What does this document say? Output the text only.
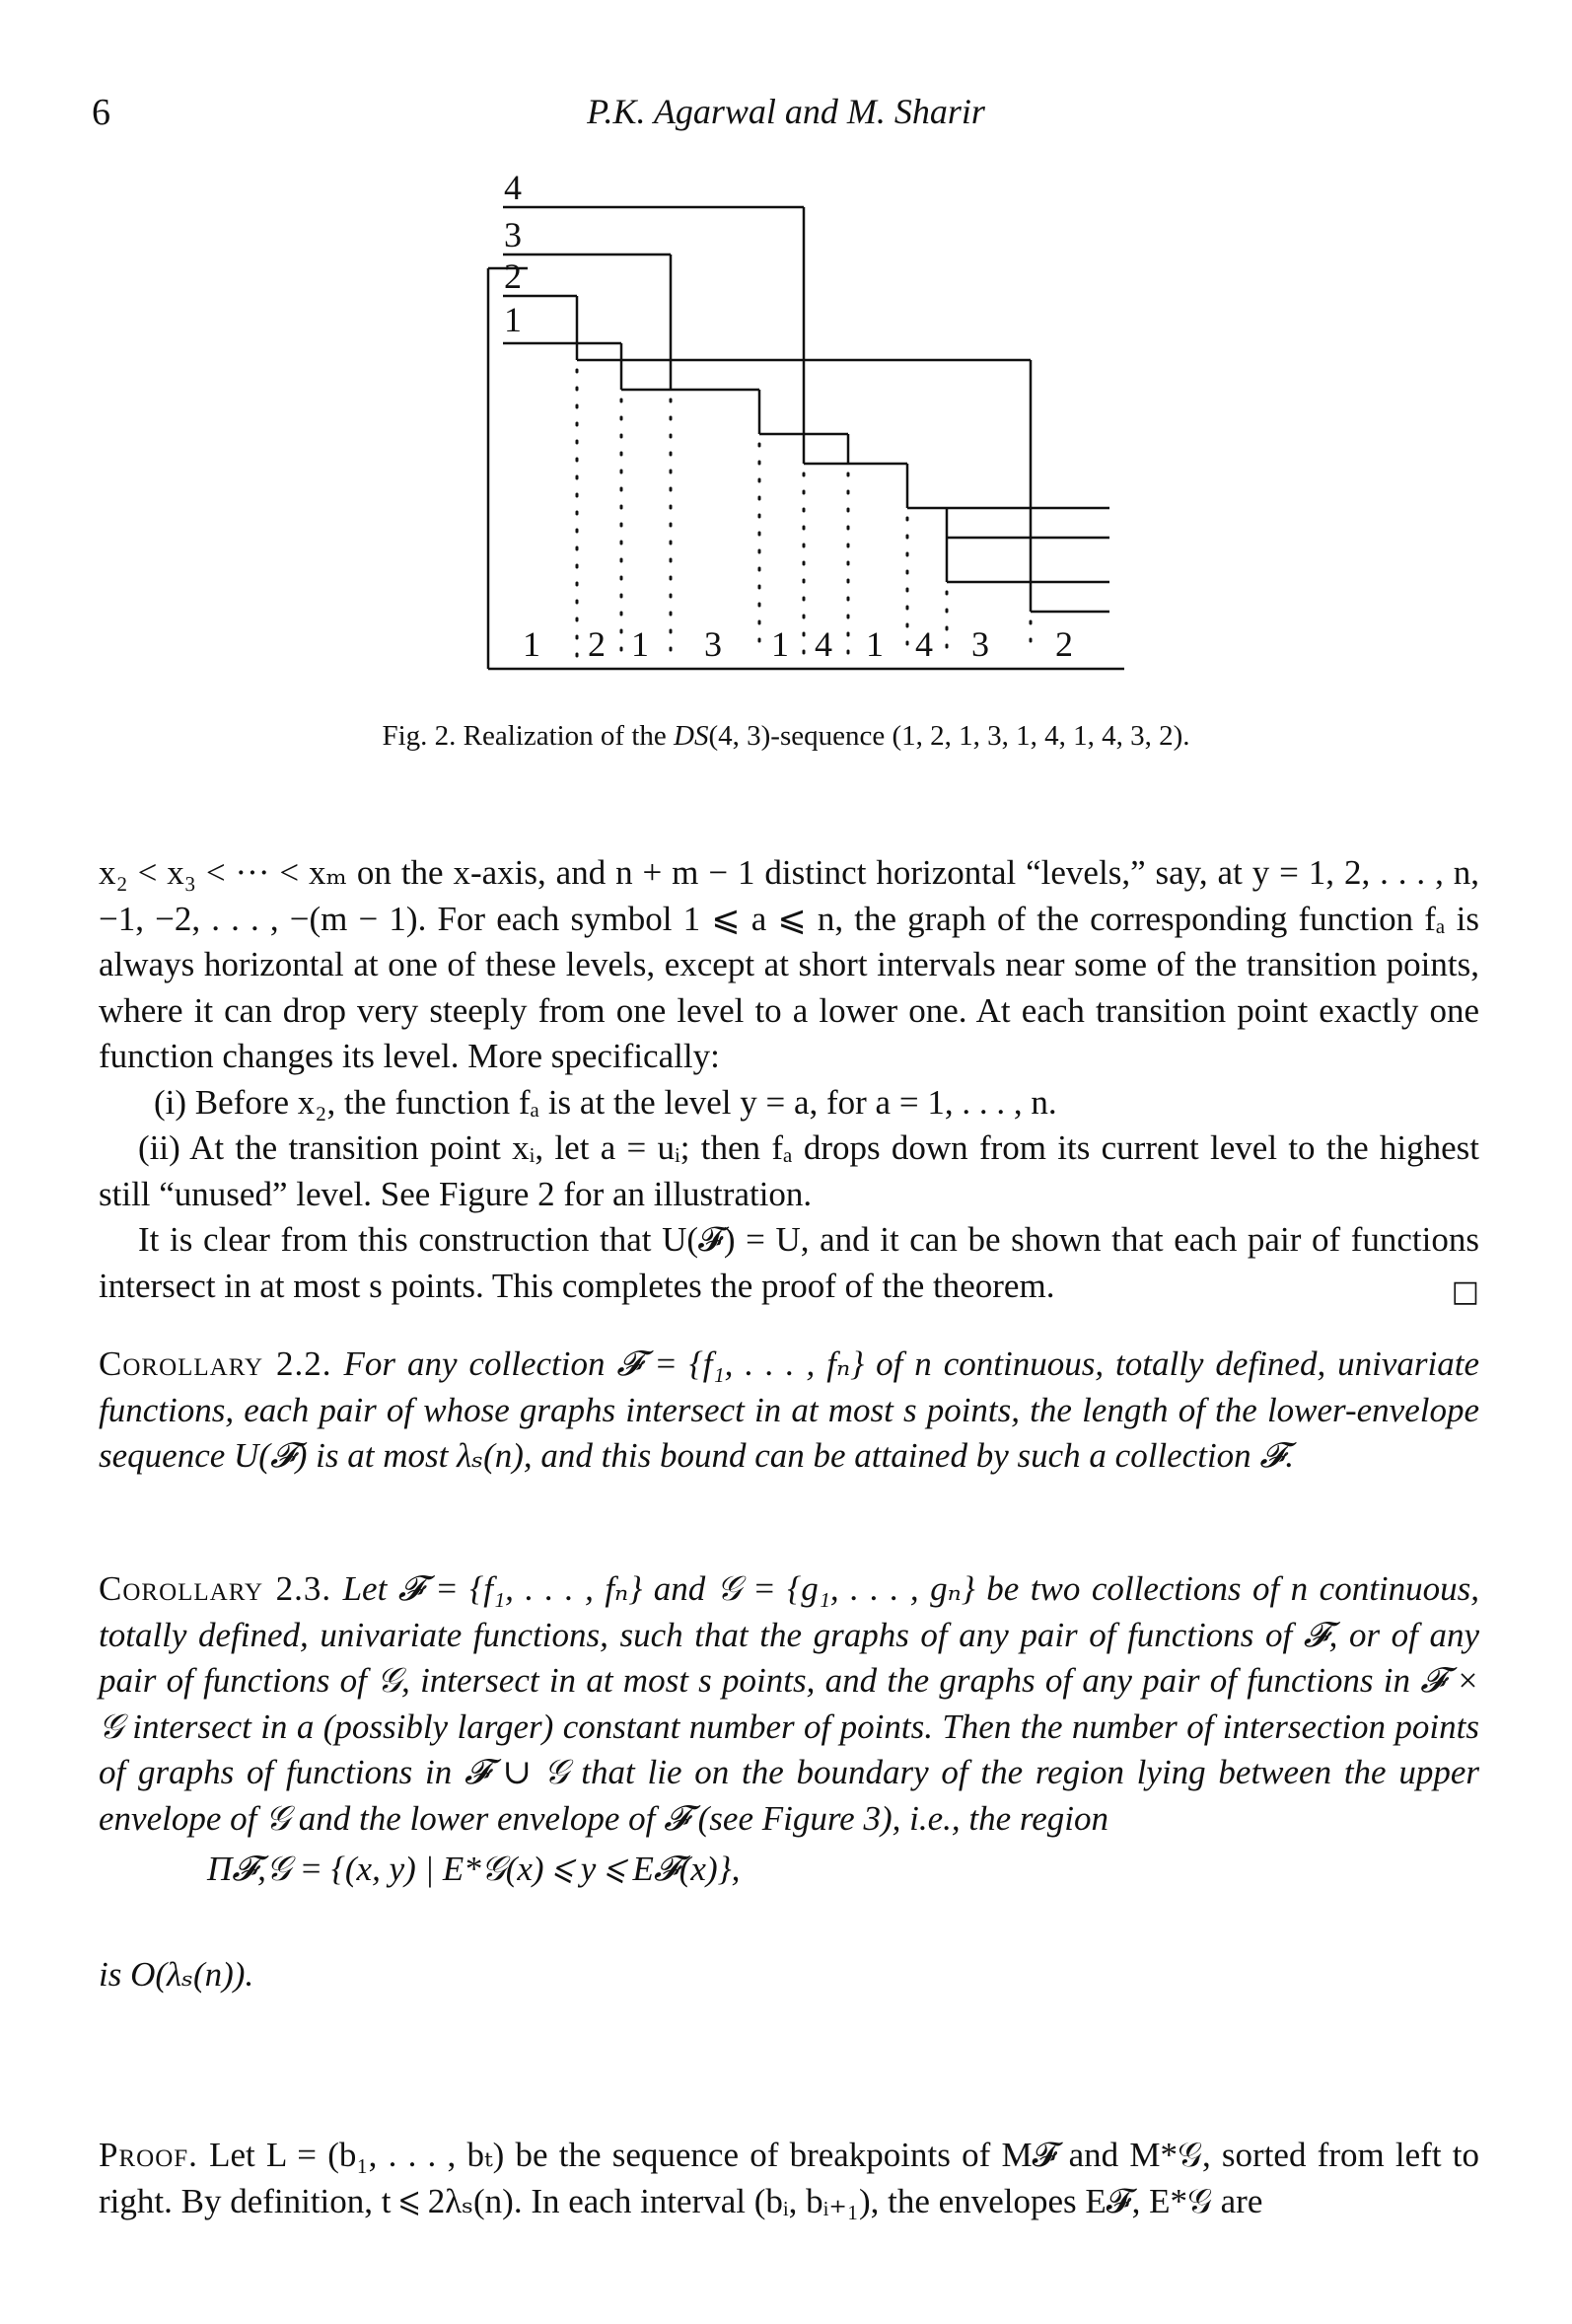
6	P.K. Agarwal and M. Sharir
4
3
2
1
1 2 1 3 1 4 1 4 3 2
Fig. 2. Realization of the DS(4, 3)-sequence (1, 2, 1, 3, 1, 4, 1, 4, 3, 2).
x₂ < x₃ < ··· < xₘ on the x-axis, and n + m − 1 distinct horizontal “levels,” say, at y = 1, 2, . . . , n, −1, −2, . . . , −(m − 1). For each symbol 1 ⩽ a ⩽ n, the graph of the corresponding function fₐ is always horizontal at one of these levels, except at short intervals near some of the transition points, where it can drop very steeply from one level to a lower one. At each transition point exactly one function changes its level. More specifically:
(i) Before x₂, the function fₐ is at the level y = a, for a = 1, . . . , n.
(ii) At the transition point xᵢ, let a = uᵢ; then fₐ drops down from its current level to the highest still “unused” level. See Figure 2 for an illustration.
It is clear from this construction that U(𝓕) = U, and it can be shown that each pair of functions intersect in at most s points. This completes the proof of the theorem.	□
Corollary 2.2. For any collection 𝓕 = {f₁, . . . , fₙ} of n continuous, totally defined, univariate functions, each pair of whose graphs intersect in at most s points, the length of the lower-envelope sequence U(𝓕) is at most λₛ(n), and this bound can be attained by such a collection 𝓕.
Corollary 2.3. Let 𝓕 = {f₁, . . . , fₙ} and 𝒢 = {g₁, . . . , gₙ} be two collections of n continuous, totally defined, univariate functions, such that the graphs of any pair of functions of 𝓕, or of any pair of functions of 𝒢, intersect in at most s points, and the graphs of any pair of functions in 𝓕 × 𝒢 intersect in a (possibly larger) constant number of points. Then the number of intersection points of graphs of functions in 𝓕 ∪ 𝒢 that lie on the boundary of the region lying between the upper envelope of 𝒢 and the lower envelope of 𝓕 (see Figure 3), i.e., the region
Π𝓕,𝒢 = {(x, y) | E*𝒢(x) ⩽ y ⩽ E𝓕(x)},
is O(λₛ(n)).
Proof. Let L = (b₁, . . . , bₜ) be the sequence of breakpoints of M𝓕 and M*𝒢, sorted from left to right. By definition, t ⩽ 2λₛ(n). In each interval (bᵢ, bᵢ₊₁), the envelopes E𝓕, E*𝒢 are
